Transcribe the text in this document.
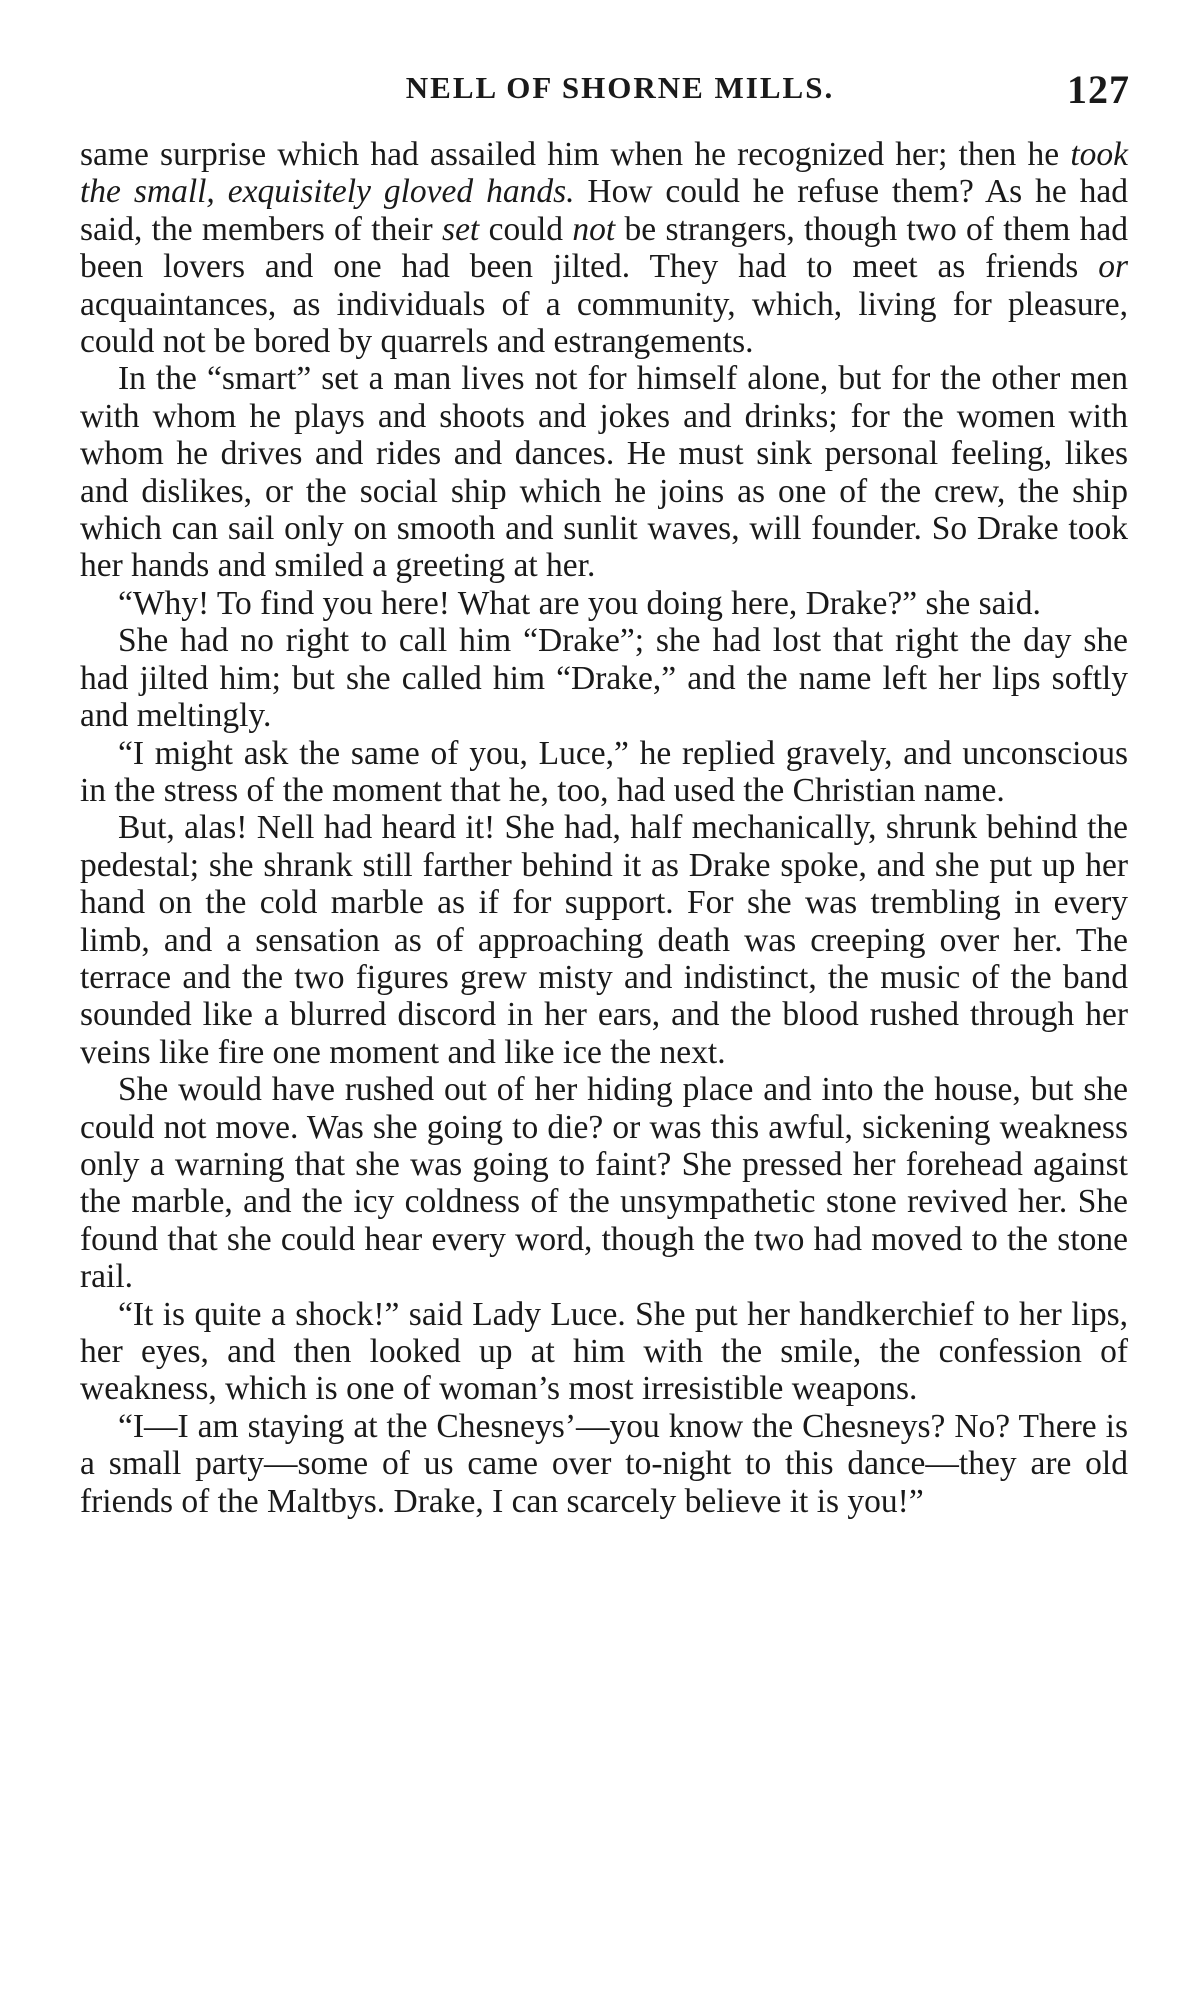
NELL OF SHORNE MILLS.	127

same surprise which had assailed him when he recognized her; then he took the small, exquisitely gloved hands. How could he refuse them? As he had said, the members of their set could not be strangers, though two of them had been lovers and one had been jilted. They had to meet as friends or acquaintances, as individuals of a community, which, living for pleasure, could not be bored by quarrels and estrangements.

In the “smart” set a man lives not for himself alone, but for the other men with whom he plays and shoots and jokes and drinks; for the women with whom he drives and rides and dances. He must sink personal feeling, likes and dislikes, or the social ship which he joins as one of the crew, the ship which can sail only on smooth and sunlit waves, will founder. So Drake took her hands and smiled a greeting at her.

“Why! To find you here! What are you doing here, Drake?” she said.

She had no right to call him “Drake”; she had lost that right the day she had jilted him; but she called him “Drake,” and the name left her lips softly and meltingly.

“I might ask the same of you, Luce,” he replied gravely, and unconscious in the stress of the moment that he, too, had used the Christian name.

But, alas! Nell had heard it! She had, half mechanically, shrunk behind the pedestal; she shrank still farther behind it as Drake spoke, and she put up her hand on the cold marble as if for support. For she was trembling in every limb, and a sensation as of approaching death was creeping over her. The terrace and the two figures grew misty and indistinct, the music of the band sounded like a blurred discord in her ears, and the blood rushed through her veins like fire one moment and like ice the next.

She would have rushed out of her hiding place and into the house, but she could not move. Was she going to die? or was this awful, sickening weakness only a warning that she was going to faint? She pressed her forehead against the marble, and the icy coldness of the unsympathetic stone revived her. She found that she could hear every word, though the two had moved to the stone rail.

“It is quite a shock!” said Lady Luce. She put her handkerchief to her lips, her eyes, and then looked up at him with the smile, the confession of weakness, which is one of woman’s most irresistible weapons.

“I—I am staying at the Chesneys’—you know the Chesneys? No? There is a small party—some of us came over to-night to this dance—they are old friends of the Maltbys. Drake, I can scarcely believe it is you!”
